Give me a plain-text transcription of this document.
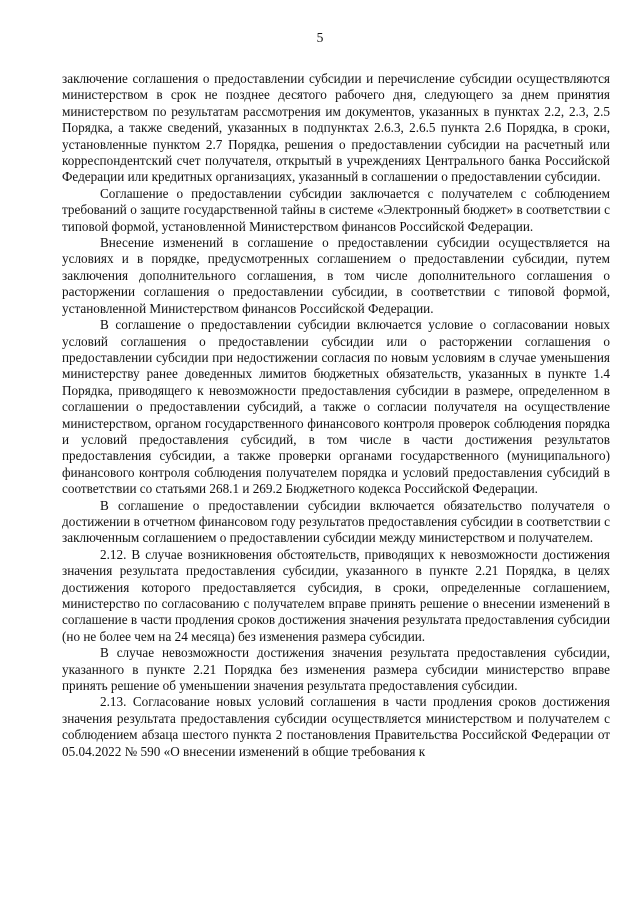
5

заключение соглашения о предоставлении субсидии и перечисление субсидии осуществляются министерством в срок не позднее десятого рабочего дня, следующего за днем принятия министерством по результатам рассмотрения им документов, указанных в пунктах 2.2, 2.3, 2.5 Порядка, а также сведений, указанных в подпунктах 2.6.3, 2.6.5 пункта 2.6 Порядка, в сроки, установленные пунктом 2.7 Порядка, решения о предоставлении субсидии на расчетный или корреспондентский счет получателя, открытый в учреждениях Центрального банка Российской Федерации или кредитных организациях, указанный в соглашении о предоставлении субсидии.

Соглашение о предоставлении субсидии заключается с получателем с соблюдением требований о защите государственной тайны в системе «Электронный бюджет» в соответствии с типовой формой, установленной Министерством финансов Российской Федерации.

Внесение изменений в соглашение о предоставлении субсидии осуществляется на условиях и в порядке, предусмотренных соглашением о предоставлении субсидии, путем заключения дополнительного соглашения, в том числе дополнительного соглашения о расторжении соглашения о предоставлении субсидии, в соответствии с типовой формой, установленной Министерством финансов Российской Федерации.

В соглашение о предоставлении субсидии включается условие о согласовании новых условий соглашения о предоставлении субсидии или о расторжении соглашения о предоставлении субсидии при недостижении согласия по новым условиям в случае уменьшения министерству ранее доведенных лимитов бюджетных обязательств, указанных в пункте 1.4 Порядка, приводящего к невозможности предоставления субсидии в размере, определенном в соглашении о предоставлении субсидий, а также о согласии получателя на осуществление министерством, органом государственного финансового контроля проверок соблюдения порядка и условий предоставления субсидий, в том числе в части достижения результатов предоставления субсидии, а также проверки органами государственного (муниципального) финансового контроля соблюдения получателем порядка и условий предоставления субсидий в соответствии со статьями 268.1 и 269.2 Бюджетного кодекса Российской Федерации.

В соглашение о предоставлении субсидии включается обязательство получателя о достижении в отчетном финансовом году результатов предоставления субсидии в соответствии с заключенным соглашением о предоставлении субсидии между министерством и получателем.

2.12. В случае возникновения обстоятельств, приводящих к невозможности достижения значения результата предоставления субсидии, указанного в пункте 2.21 Порядка, в целях достижения которого предоставляется субсидия, в сроки, определенные соглашением, министерство по согласованию с получателем вправе принять решение о внесении изменений в соглашение в части продления сроков достижения значения результата предоставления субсидии (но не более чем на 24 месяца) без изменения размера субсидии.

В случае невозможности достижения значения результата предоставления субсидии, указанного в пункте 2.21 Порядка без изменения размера субсидии министерство вправе принять решение об уменьшении значения результата предоставления субсидии.

2.13. Согласование новых условий соглашения в части продления сроков достижения значения результата предоставления субсидии осуществляется министерством и получателем с соблюдением абзаца шестого пункта 2 постановления Правительства Российской Федерации от 05.04.2022 № 590 «О внесении изменений в общие требования к
